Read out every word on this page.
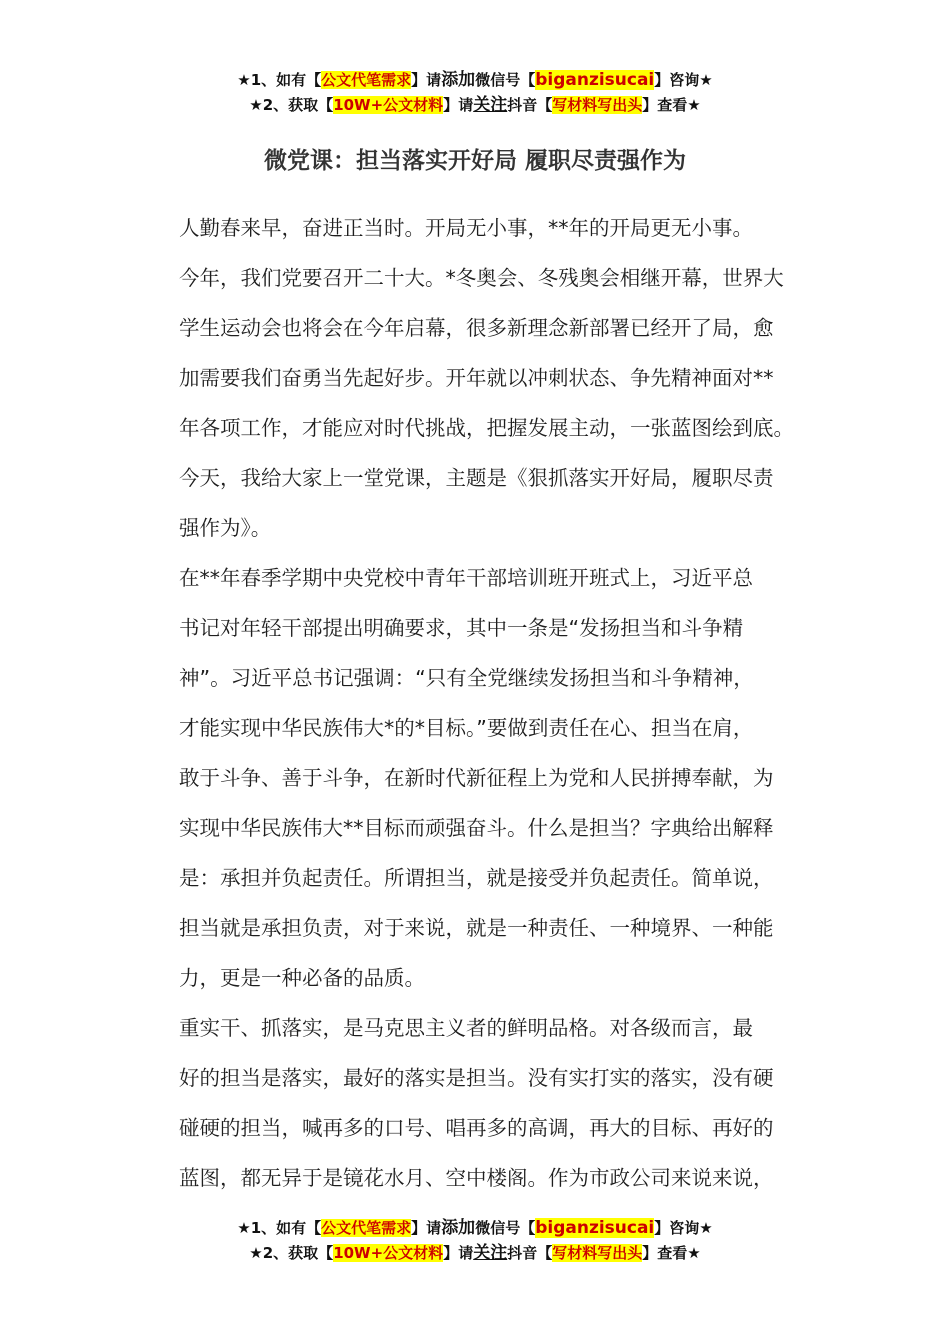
★1、如有【公文代笔需求】请添加微信号【biganzisucai】咨询★
★2、获取【10W+公文材料】请关注抖音【写材料写出头】查看★
微党课：担当落实开好局 履职尽责强作为

人勤春来早，奋进正当时。开局无小事，**年的开局更无小事。
今年，我们党要召开二十大。*冬奥会、冬残奥会相继开幕，世界大
学生运动会也将会在今年启幕，很多新理念新部署已经开了局，愈
加需要我们奋勇当先起好步。开年就以冲刺状态、争先精神面对**
年各项工作，才能应对时代挑战，把握发展主动，一张蓝图绘到底。
今天，我给大家上一堂党课，主题是《狠抓落实开好局，履职尽责
强作为》。

在**年春季学期中央党校中青年干部培训班开班式上，习近平总
书记对年轻干部提出明确要求，其中一条是“发扬担当和斗争精
神”。习近平总书记强调：“只有全党继续发扬担当和斗争精神，
才能实现中华民族伟大*的*目标。”要做到责任在心、担当在肩，
敢于斗争、善于斗争，在新时代新征程上为党和人民拼搏奉献，为
实现中华民族伟大**目标而顽强奋斗。什么是担当？字典给出解释
是：承担并负起责任。所谓担当，就是接受并负起责任。简单说，
担当就是承担负责，对于来说，就是一种责任、一种境界、一种能
力，更是一种必备的品质。

重实干、抓落实，是马克思主义者的鲜明品格。对各级而言，最
好的担当是落实，最好的落实是担当。没有实打实的落实，没有硬
碰硬的担当，喊再多的口号、唱再多的高调，再大的目标、再好的
蓝图，都无异于是镜花水月、空中楼阁。作为市政公司来说来说，

★1、如有【公文代笔需求】请添加微信号【biganzisucai】咨询★
★2、获取【10W+公文材料】请关注抖音【写材料写出头】查看★
